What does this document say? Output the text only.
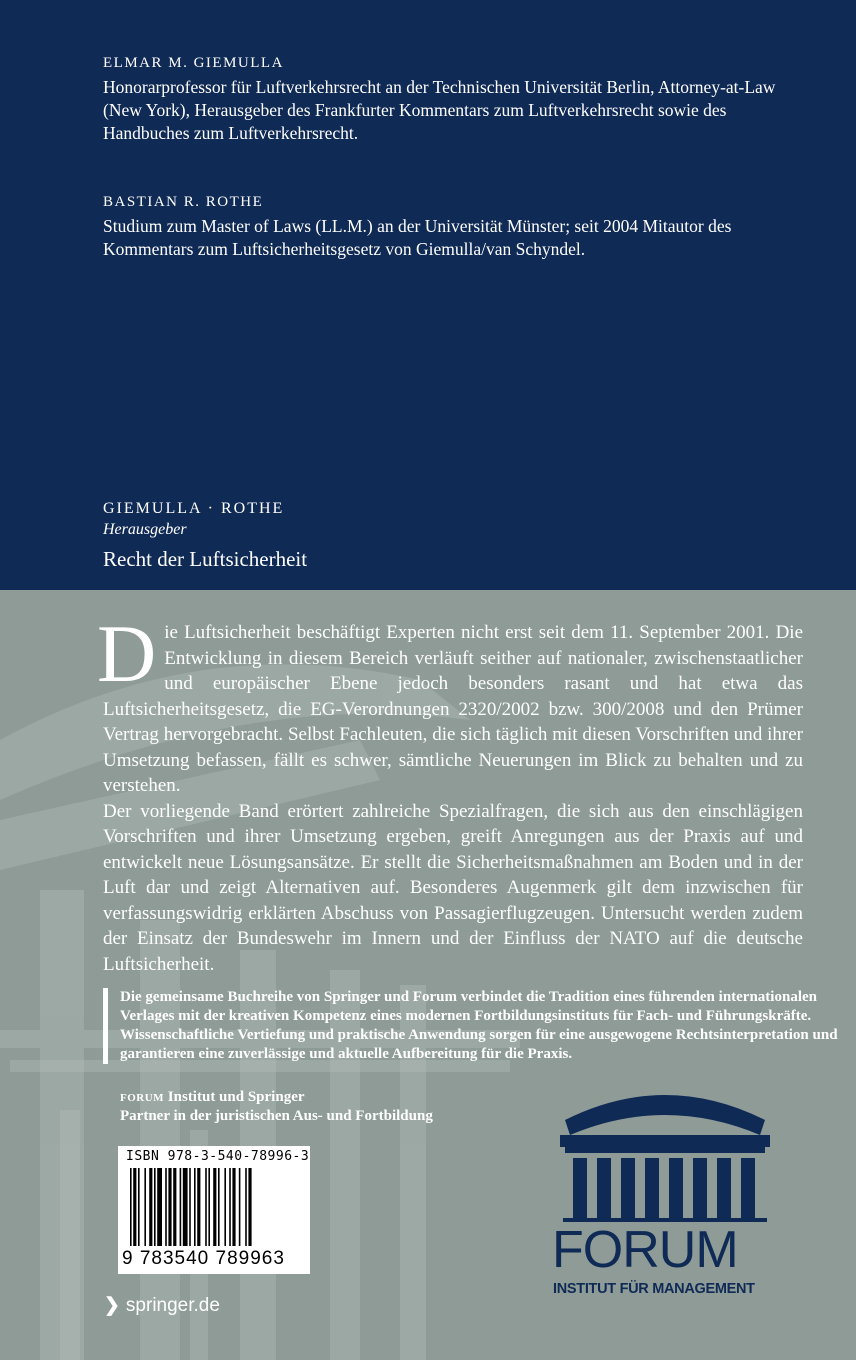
ELMAR M. GIEMULLA

Honorarprofessor für Luftverkehrsrecht an der Technischen Universität Berlin, Attorney-at-Law (New York), Herausgeber des Frankfurter Kommentars zum Luftverkehrsrecht sowie des Handbuches zum Luftverkehrsrecht.

BASTIAN R. ROTHE

Studium zum Master of Laws (LL.M.) an der Universität Münster; seit 2004 Mitautor des Kommentars zum Luftsicherheitsgesetz von Giemulla/van Schyndel.

GIEMULLA · ROTHE
Herausgeber
Recht der Luftsicherheit

Die Luftsicherheit beschäftigt Experten nicht erst seit dem 11. September 2001. Die Entwicklung in diesem Bereich verläuft seither auf nationaler, zwischenstaatlicher und europäischer Ebene jedoch besonders rasant und hat etwa das Luftsicherheitsgesetz, die EG-Verordnungen 2320/2002 bzw. 300/2008 und den Prümer Vertrag hervorgebracht. Selbst Fachleuten, die sich täglich mit diesen Vorschriften und ihrer Umsetzung befassen, fällt es schwer, sämtliche Neuerungen im Blick zu behalten und zu verstehen.

Der vorliegende Band erörtert zahlreiche Spezialfragen, die sich aus den einschlägigen Vorschriften und ihrer Umsetzung ergeben, greift Anregungen aus der Praxis auf und entwickelt neue Lösungsansätze. Er stellt die Sicherheitsmaßnahmen am Boden und in der Luft dar und zeigt Alternativen auf. Besonderes Augenmerk gilt dem inzwischen für verfassungswidrig erklärten Abschuss von Passagierflugzeugen. Untersucht werden zudem der Einsatz der Bundeswehr im Innern und der Einfluss der NATO auf die deutsche Luftsicherheit.

Die gemeinsame Buchreihe von Springer und Forum verbindet die Tradition eines führenden internationalen Verlages mit der kreativen Kompetenz eines modernen Fortbildungsinstituts für Fach- und Führungskräfte. Wissenschaftliche Vertiefung und praktische Anwendung sorgen für eine ausgewogene Rechtsinterpretation und garantieren eine zuverlässige und aktuelle Aufbereitung für die Praxis.

forum Institut und Springer
Partner in der juristischen Aus- und Fortbildung
ISBN 978-3-540-78996-3
9 783540 789963
❯ springer.de
FORUM
INSTITUT FÜR MANAGEMENT
